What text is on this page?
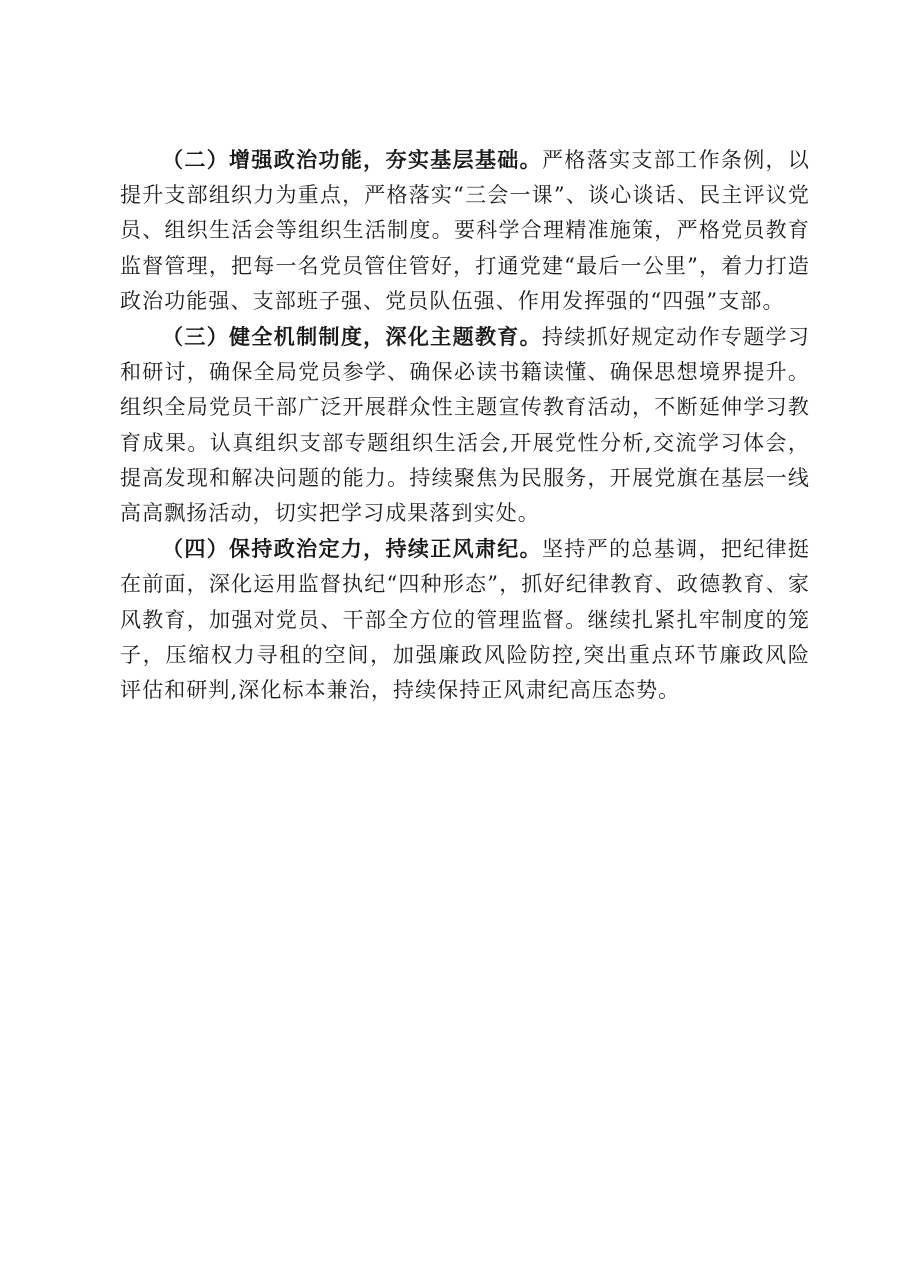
（二）增强政治功能，夯实基层基础。严格落实支部工作条例，以提升支部组织力为重点，严格落实“三会一课”、谈心谈话、民主评议党员、组织生活会等组织生活制度。要科学合理精准施策，严格党员教育监督管理，把每一名党员管住管好，打通党建“最后一公里”，着力打造政治功能强、支部班子强、党员队伍强、作用发挥强的“四强”支部。

（三）健全机制制度，深化主题教育。持续抓好规定动作专题学习和研讨，确保全局党员参学、确保必读书籍读懂、确保思想境界提升。组织全局党员干部广泛开展群众性主题宣传教育活动，不断延伸学习教育成果。认真组织支部专题组织生活会,开展党性分析,交流学习体会，提高发现和解决问题的能力。持续聚焦为民服务，开展党旗在基层一线高高飘扬活动，切实把学习成果落到实处。

（四）保持政治定力，持续正风肃纪。坚持严的总基调，把纪律挺在前面，深化运用监督执纪“四种形态”，抓好纪律教育、政德教育、家风教育，加强对党员、干部全方位的管理监督。继续扎紧扎牢制度的笼子，压缩权力寻租的空间，加强廉政风险防控,突出重点环节廉政风险评估和研判,深化标本兼治，持续保持正风肃纪高压态势。
